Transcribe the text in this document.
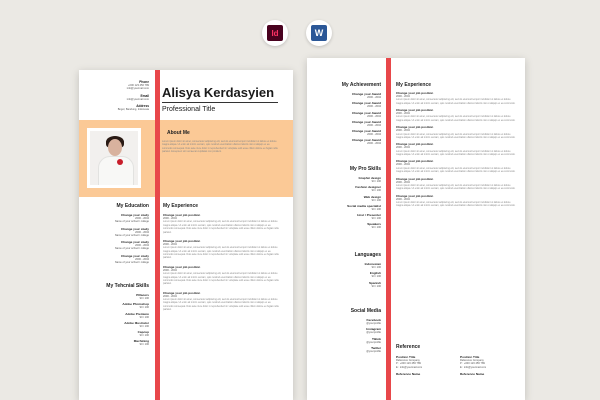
Id	W
Phone
+000 123 456 789
info@yourmail.com
Email
info@yourmail.com
Address
Bogor, Bandung, Indonesia
Alisya Kerdasyien
Professional Title
About Me
Lorem ipsum dolor sit amet, consectetur adipiscing elit, sed do eiusmod tempor incididunt ut labore et dolore magna aliqua. Ut enim ad minim veniam, quis nostrud exercitation ullamco laboris nisi ut aliquip ex ea commodo consequat. Duis aute irure dolor in reprehenderit in voluptate velit esse cillum dolore eu fugiat nulla pariatur. Excepteur sint occaecat cupidatat non proident.
My Education
Change your study
2000 - 2004
Name of your school / college
Change your study
2000 - 2004
Name of your school / college
Change your study
2000 - 2004
Name of your school / college
Change your study
2000 - 2004
Name of your school / college
My Tehcnial Skills
Pillacers
90 / 100
Adobe Photoshop
90 / 100
Adobe Premiere
90 / 100
Adobe Illustrator
90 / 100
Capcup
90 / 100
Machining
90 / 100
My Experience
Change your job position
2000 - 2004
Lorem ipsum dolor sit amet, consectetur adipiscing elit, sed do eiusmod tempor incididunt ut labore et dolore magna aliqua. Ut enim ad minim veniam, quis nostrud exercitation ullamco laboris nisi ut aliquip ex ea commodo consequat. Duis aute irure dolor in reprehenderit in voluptate velit esse cillum dolore eu fugiat nulla pariatur.
Change your job position
2000 - 2004
Lorem ipsum dolor sit amet, consectetur adipiscing elit, sed do eiusmod tempor incididunt ut labore et dolore magna aliqua. Ut enim ad minim veniam, quis nostrud exercitation ullamco laboris nisi ut aliquip ex ea commodo consequat. Duis aute irure dolor in reprehenderit in voluptate velit esse cillum dolore eu fugiat nulla pariatur.
Change your job position
2000 - 2004
Lorem ipsum dolor sit amet, consectetur adipiscing elit, sed do eiusmod tempor incididunt ut labore et dolore magna aliqua. Ut enim ad minim veniam, quis nostrud exercitation ullamco laboris nisi ut aliquip ex ea commodo consequat. Duis aute irure dolor in reprehenderit in voluptate velit esse cillum dolore eu fugiat nulla pariatur.
Change your job position
2000 - 2004
Lorem ipsum dolor sit amet, consectetur adipiscing elit, sed do eiusmod tempor incididunt ut labore et dolore magna aliqua. Ut enim ad minim veniam, quis nostrud exercitation ullamco laboris nisi ut aliquip ex ea commodo consequat. Duis aute irure dolor in reprehenderit in voluptate velit esse cillum dolore eu fugiat nulla pariatur.
My Achievement
Change your Award
2000 - 2004
Change your Award
2000 - 2004
Change your Award
2000 - 2004
Change your Award
2000 - 2004
Change your Award
2000 - 2004
Change your Award
2000 - 2004
My Pro Skills
Graphic design
90 / 100
Fashion designer
90 / 100
Web design
90 / 100
Social media specialist
90 / 100
Host / Presenter
90 / 100
Speakers
90 / 100
Languages
Indonesian
90 / 100
English
90 / 100
Spanish
90 / 100
Social Media
Facebook
@yourprofile
Instagram
@yourprofile
Tiktok
@yourprofile
Twitter
@yourprofile
My Experience
Change your job position
2000 - 2004
Lorem ipsum dolor sit amet, consectetur adipiscing elit, sed do eiusmod tempor incididunt ut labore et dolore magna aliqua. Ut enim ad minim veniam, quis nostrud exercitation ullamco laboris nisi ut aliquip ex ea commodo.
Change your job position
2000 - 2004
Lorem ipsum dolor sit amet, consectetur adipiscing elit, sed do eiusmod tempor incididunt ut labore et dolore magna aliqua. Ut enim ad minim veniam, quis nostrud exercitation ullamco laboris nisi ut aliquip ex ea commodo.
Change your job position
2000 - 2004
Lorem ipsum dolor sit amet, consectetur adipiscing elit, sed do eiusmod tempor incididunt ut labore et dolore magna aliqua. Ut enim ad minim veniam, quis nostrud exercitation ullamco laboris nisi ut aliquip ex ea commodo.
Change your job position
2000 - 2004
Lorem ipsum dolor sit amet, consectetur adipiscing elit, sed do eiusmod tempor incididunt ut labore et dolore magna aliqua. Ut enim ad minim veniam, quis nostrud exercitation ullamco laboris nisi ut aliquip ex ea commodo.
Change your job position
2000 - 2004
Lorem ipsum dolor sit amet, consectetur adipiscing elit, sed do eiusmod tempor incididunt ut labore et dolore magna aliqua. Ut enim ad minim veniam, quis nostrud exercitation ullamco laboris nisi ut aliquip ex ea commodo.
Change your job position
2000 - 2004
Lorem ipsum dolor sit amet, consectetur adipiscing elit, sed do eiusmod tempor incididunt ut labore et dolore magna aliqua. Ut enim ad minim veniam, quis nostrud exercitation ullamco laboris nisi ut aliquip ex ea commodo.
Change your job position
2000 - 2004
Lorem ipsum dolor sit amet, consectetur adipiscing elit, sed do eiusmod tempor incididunt ut labore et dolore magna aliqua. Ut enim ad minim veniam, quis nostrud exercitation ullamco laboris nisi ut aliquip ex ea commodo.
Reference
Position Title
Reference Company
P : +000 123 456 789
E : info@yourmail.com
Reference Name
Position Title
Reference Company
P : +000 123 456 789
E : info@yourmail.com
Reference Name
